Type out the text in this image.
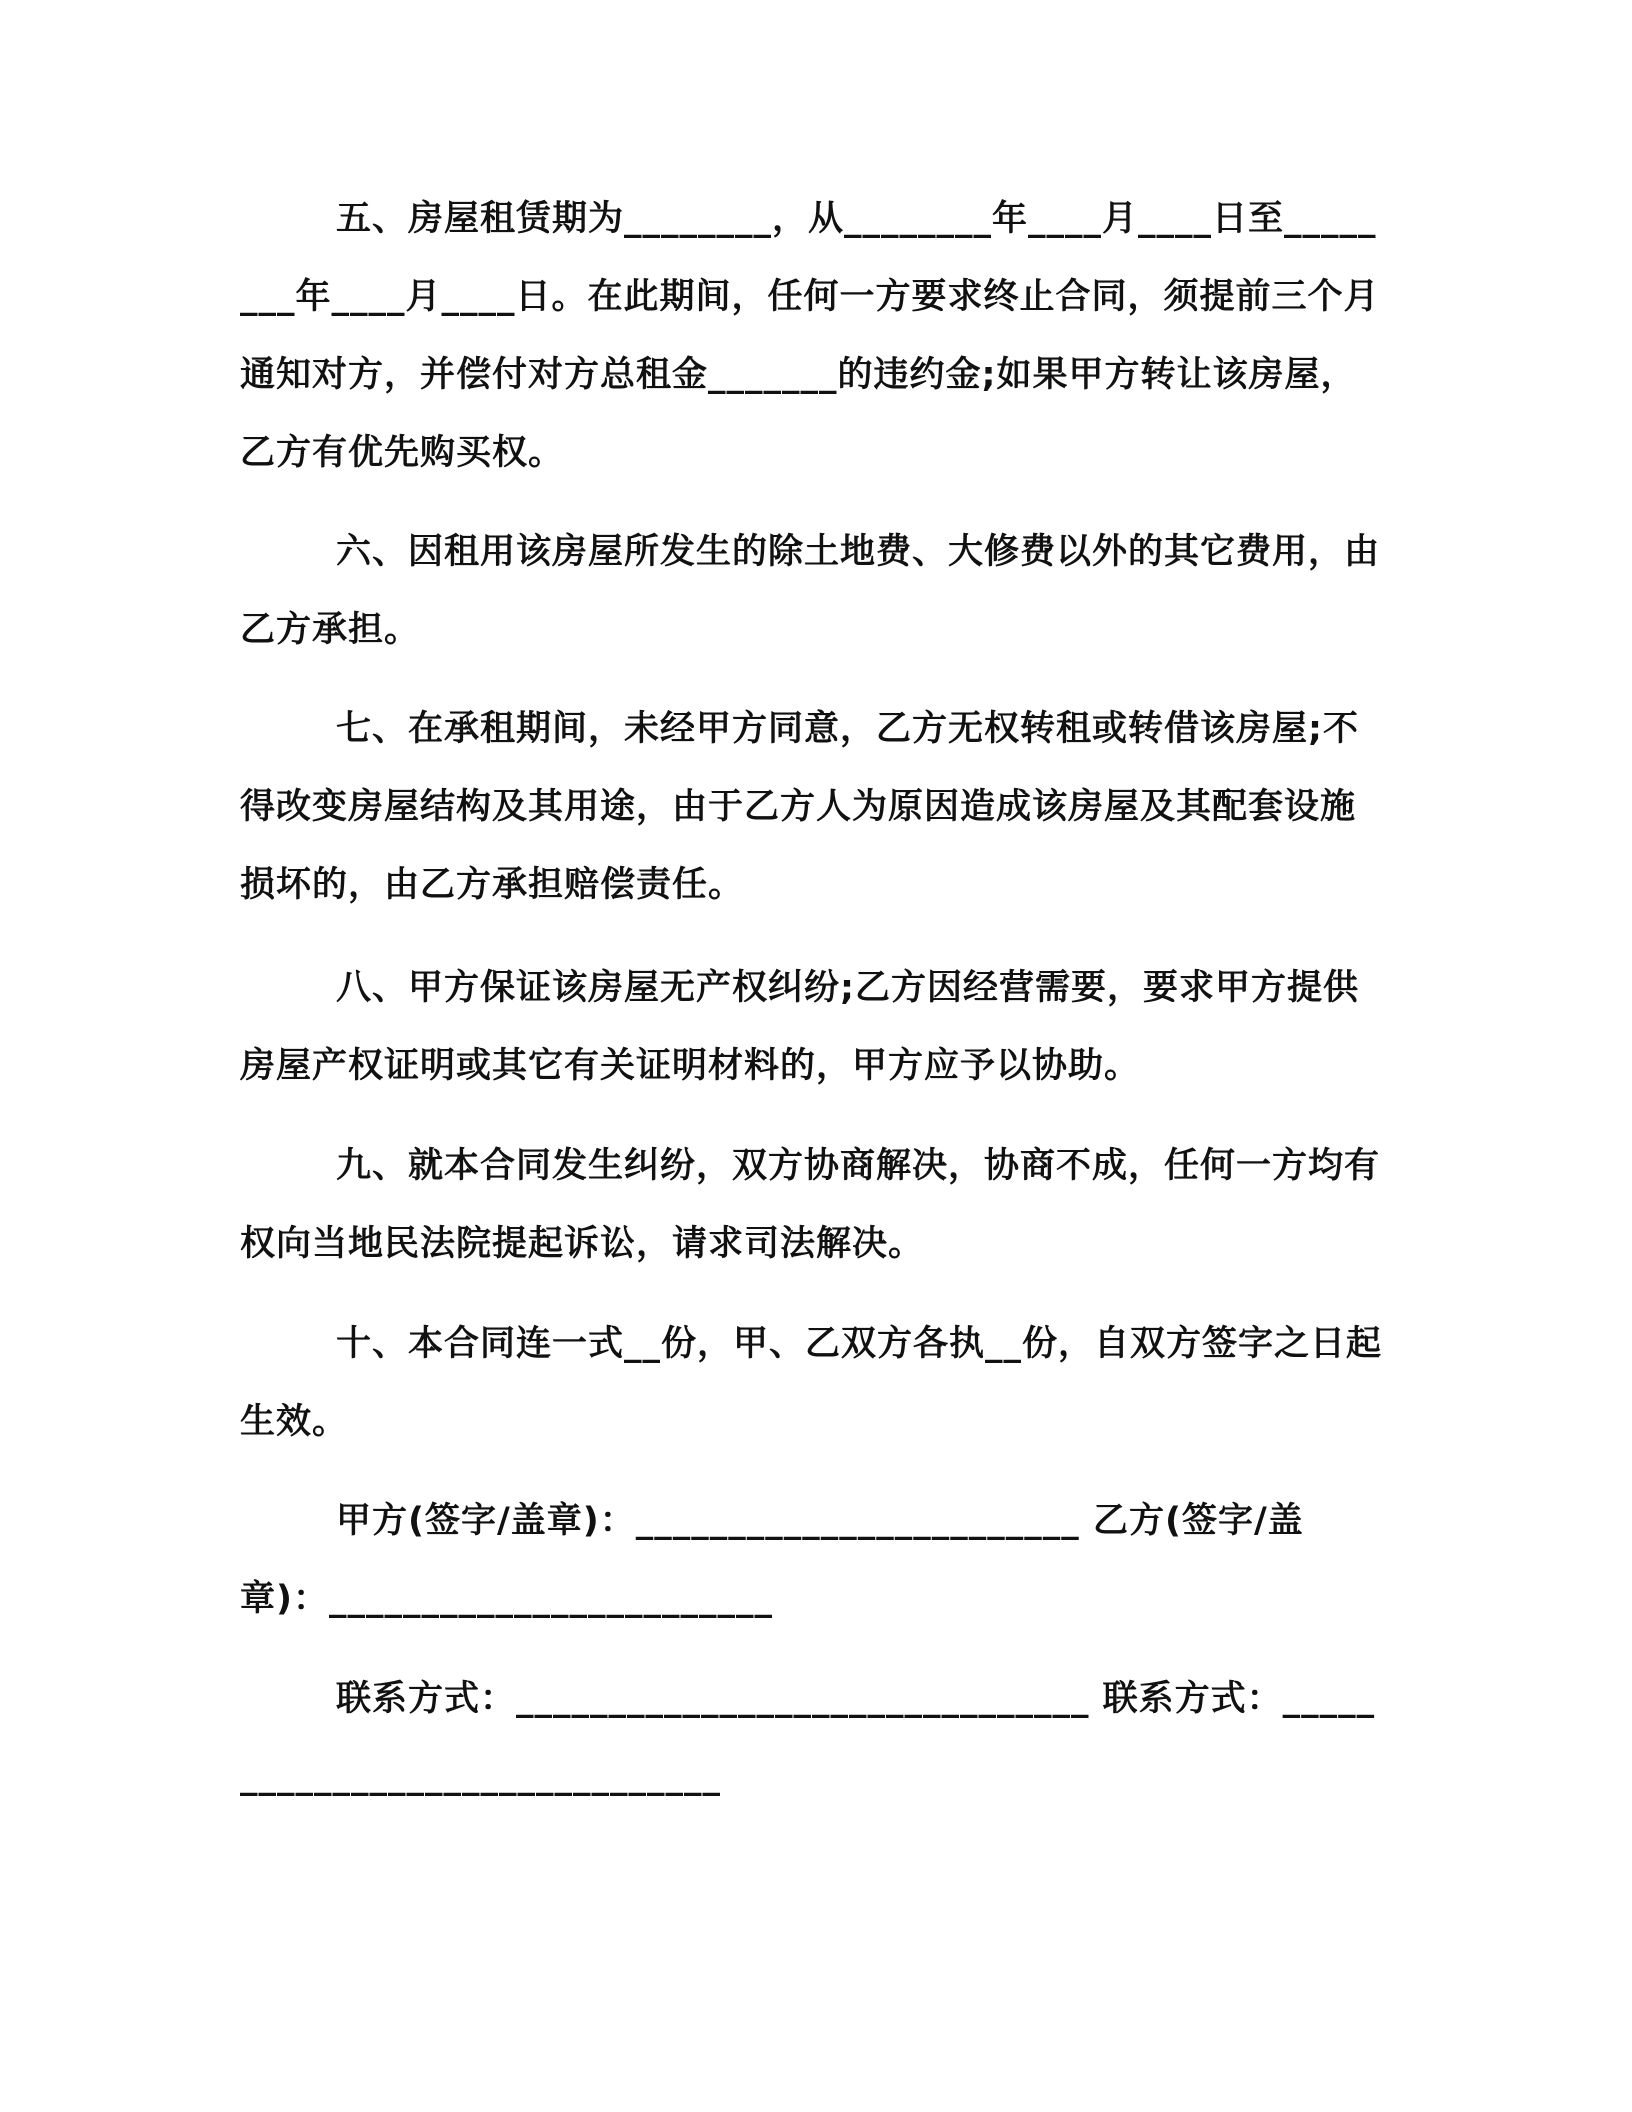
五、房屋租赁期为________，从________年____月____日至________年____月____日。在此期间，任何一方要求终止合同，须提前三个月通知对方，并偿付对方总租金_______的违约金;如果甲方转让该房屋，乙方有优先购买权。

六、因租用该房屋所发生的除土地费、大修费以外的其它费用，由乙方承担。

七、在承租期间，未经甲方同意，乙方无权转租或转借该房屋;不得改变房屋结构及其用途，由于乙方人为原因造成该房屋及其配套设施损坏的，由乙方承担赔偿责任。

八、甲方保证该房屋无产权纠纷;乙方因经营需要，要求甲方提供房屋产权证明或其它有关证明材料的，甲方应予以协助。

九、就本合同发生纠纷，双方协商解决，协商不成，任何一方均有权向当地民法院提起诉讼，请求司法解决。

十、本合同连一式__份，甲、乙双方各执__份，自双方签字之日起生效。

甲方(签字/盖章)：________________________ 乙方(签字/盖章)：________________________

联系方式：_______________________________ 联系方式：_______________________________
